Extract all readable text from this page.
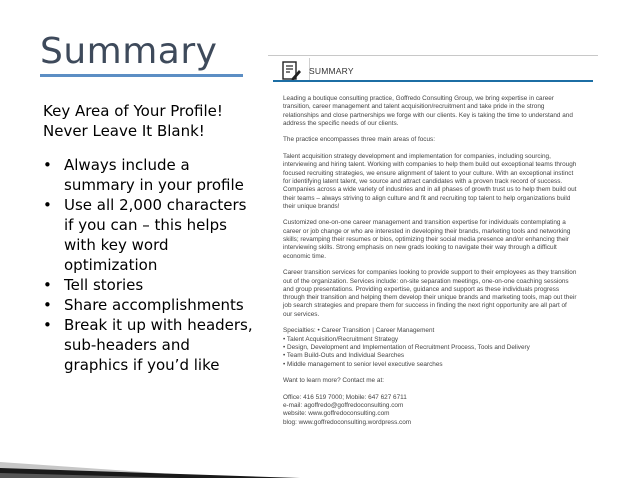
Summary

Key Area of Your Profile!

Never Leave It Blank!

• Always include a
summary in your profile
• Use all 2,000 characters
if you can – this helps
with key word
optimization
• Tell stories
• Share accomplishments
• Break it up with headers,
sub-headers and
graphics if you’d like
SUMMARY

Leading a boutique consulting practice, Goffredo Consulting Group, we bring expertise in career
transition, career management and talent acquisition/recruitment and take pride in the strong
relationships and close partnerships we forge with our clients. Key is taking the time to understand and
address the specific needs of our clients.

The practice encompasses three main areas of focus:

Talent acquisition strategy development and implementation for companies, including sourcing,
interviewing and hiring talent. Working with companies to help them build out exceptional teams through
focused recruiting strategies, we ensure alignment of talent to your culture. With an exceptional instinct
for identifying latent talent, we source and attract candidates with a proven track record of success.
Companies across a wide variety of industries and in all phases of growth trust us to help them build out
their teams – always striving to align culture and fit and recruiting top talent to help organizations build
their unique brands!

Customized one-on-one career management and transition expertise for individuals contemplating a
career or job change or who are interested in developing their brands, marketing tools and networking
skills; revamping their resumes or bios, optimizing their social media presence and/or enhancing their
interviewing skills. Strong emphasis on new grads looking to navigate their way through a difficult
economic time.

Career transition services for companies looking to provide support to their employees as they transition
out of the organization. Services include: on-site separation meetings, one-on-one coaching sessions
and group presentations. Providing expertise, guidance and support as these individuals progress
through their transition and helping them develop their unique brands and marketing tools, map out their
job search strategies and prepare them for success in finding the next right opportunity are all part of
our services.

Specialties: • Career Transition | Career Management
• Talent Acquisition/Recruitment Strategy
• Design, Development and Implementation of Recruitment Process, Tools and Delivery
• Team Build-Outs and Individual Searches
• Middle management to senior level executive searches

Want to learn more? Contact me at:

Office: 416 519 7000; Mobile: 647 627 6711
e-mail: agoffredo@goffredoconsulting.com
website: www.goffredoconsulting.com
blog: www.goffredoconsulting.wordpress.com
